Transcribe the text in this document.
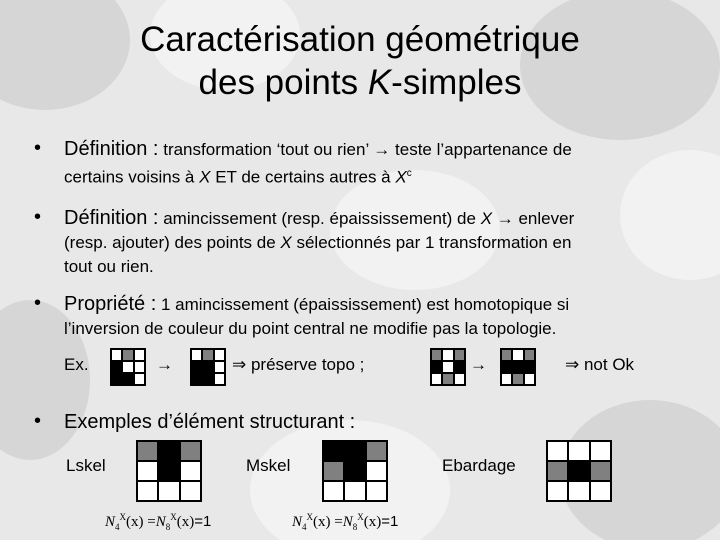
Caractérisation géométrique
des points K-simples
• Définition : transformation ‘tout ou rien’ → teste l’appartenance de
certains voisins à X ET de certains autres à $X^c$
• Définition : amincissement (resp. épaississement) de X → enlever
(resp. ajouter) des points de X sélectionnés par 1 transformation en
tout ou rien.
• Propriété : 1 amincissement (épaississement) est homotopique si
l’inversion de couleur du point central ne modifie pas la topologie.
Ex.	→	⇒ préserve topo ;	→	⇒ not Ok
• Exemples d’élément structurant :
Lskel
$N_4^X(x) =N_8^X(x)=1$
Mskel
$N_4^X(x) =N_8^X(x)=1$
Ebardage
